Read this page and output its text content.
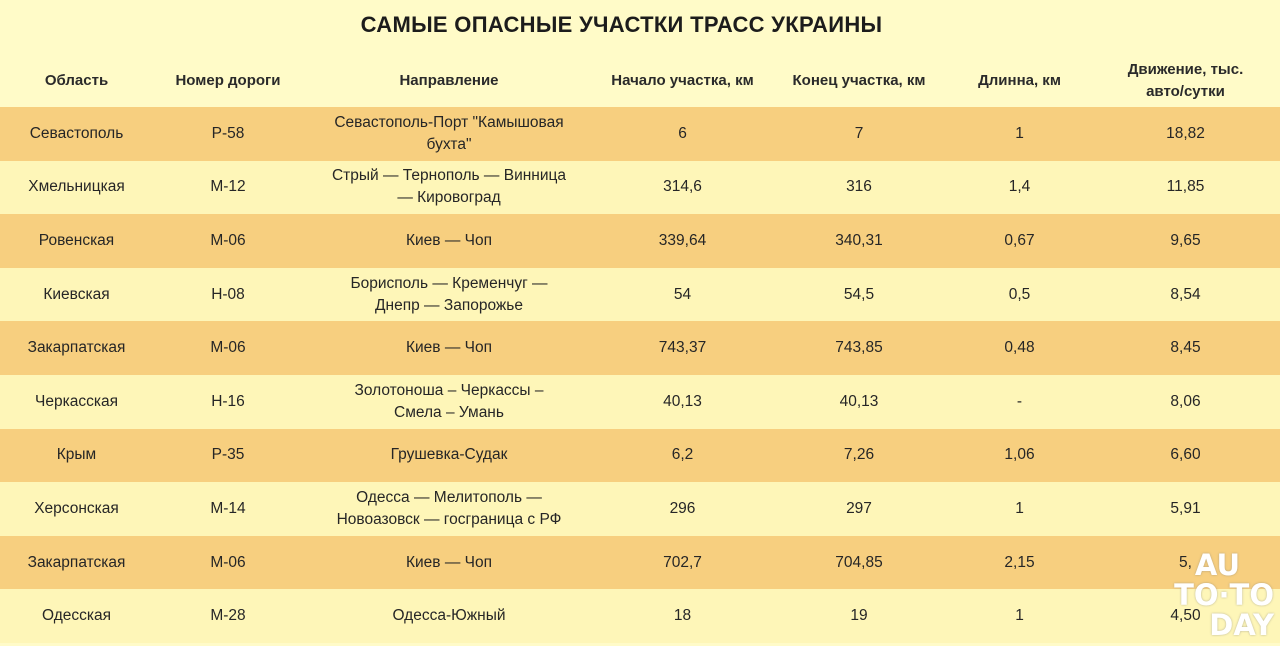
САМЫЕ ОПАСНЫЕ УЧАСТКИ ТРАСС УКРАИНЫ
Область	Номер дороги	Направление	Начало участка, км	Конец участка, км	Длинна, км	Движение, тыс.
авто/сутки

Севастополь	Р-58	Севастополь-Порт "Камышовая
бухта"	6	7	1	18,82
Хмельницкая	М-12	Стрый — Тернополь — Винница
— Кировоград	314,6	316	1,4	11,85
Ровенская	М-06	Киев — Чоп	339,64	340,31	0,67	9,65
Киевская	Н-08	Борисполь — Кременчуг —
Днепр — Запорожье	54	54,5	0,5	8,54
Закарпатская	М-06	Киев — Чоп	743,37	743,85	0,48	8,45
Черкасская	Н-16	Золотоноша – Черкассы –
Смела – Умань	40,13	40,13	-	8,06
Крым	Р-35	Грушевка-Судак	6,2	7,26	1,06	6,60
Херсонская	М-14	Одесса — Мелитополь —
Новоазовск — госграница с РФ	296	297	1	5,91
Закарпатская	М-06	Киев — Чоп	702,7	704,85	2,15	5,
Одесская	М-28	Одесса-Южный	18	19	1	4,50
AU
TO·TO
DAY
